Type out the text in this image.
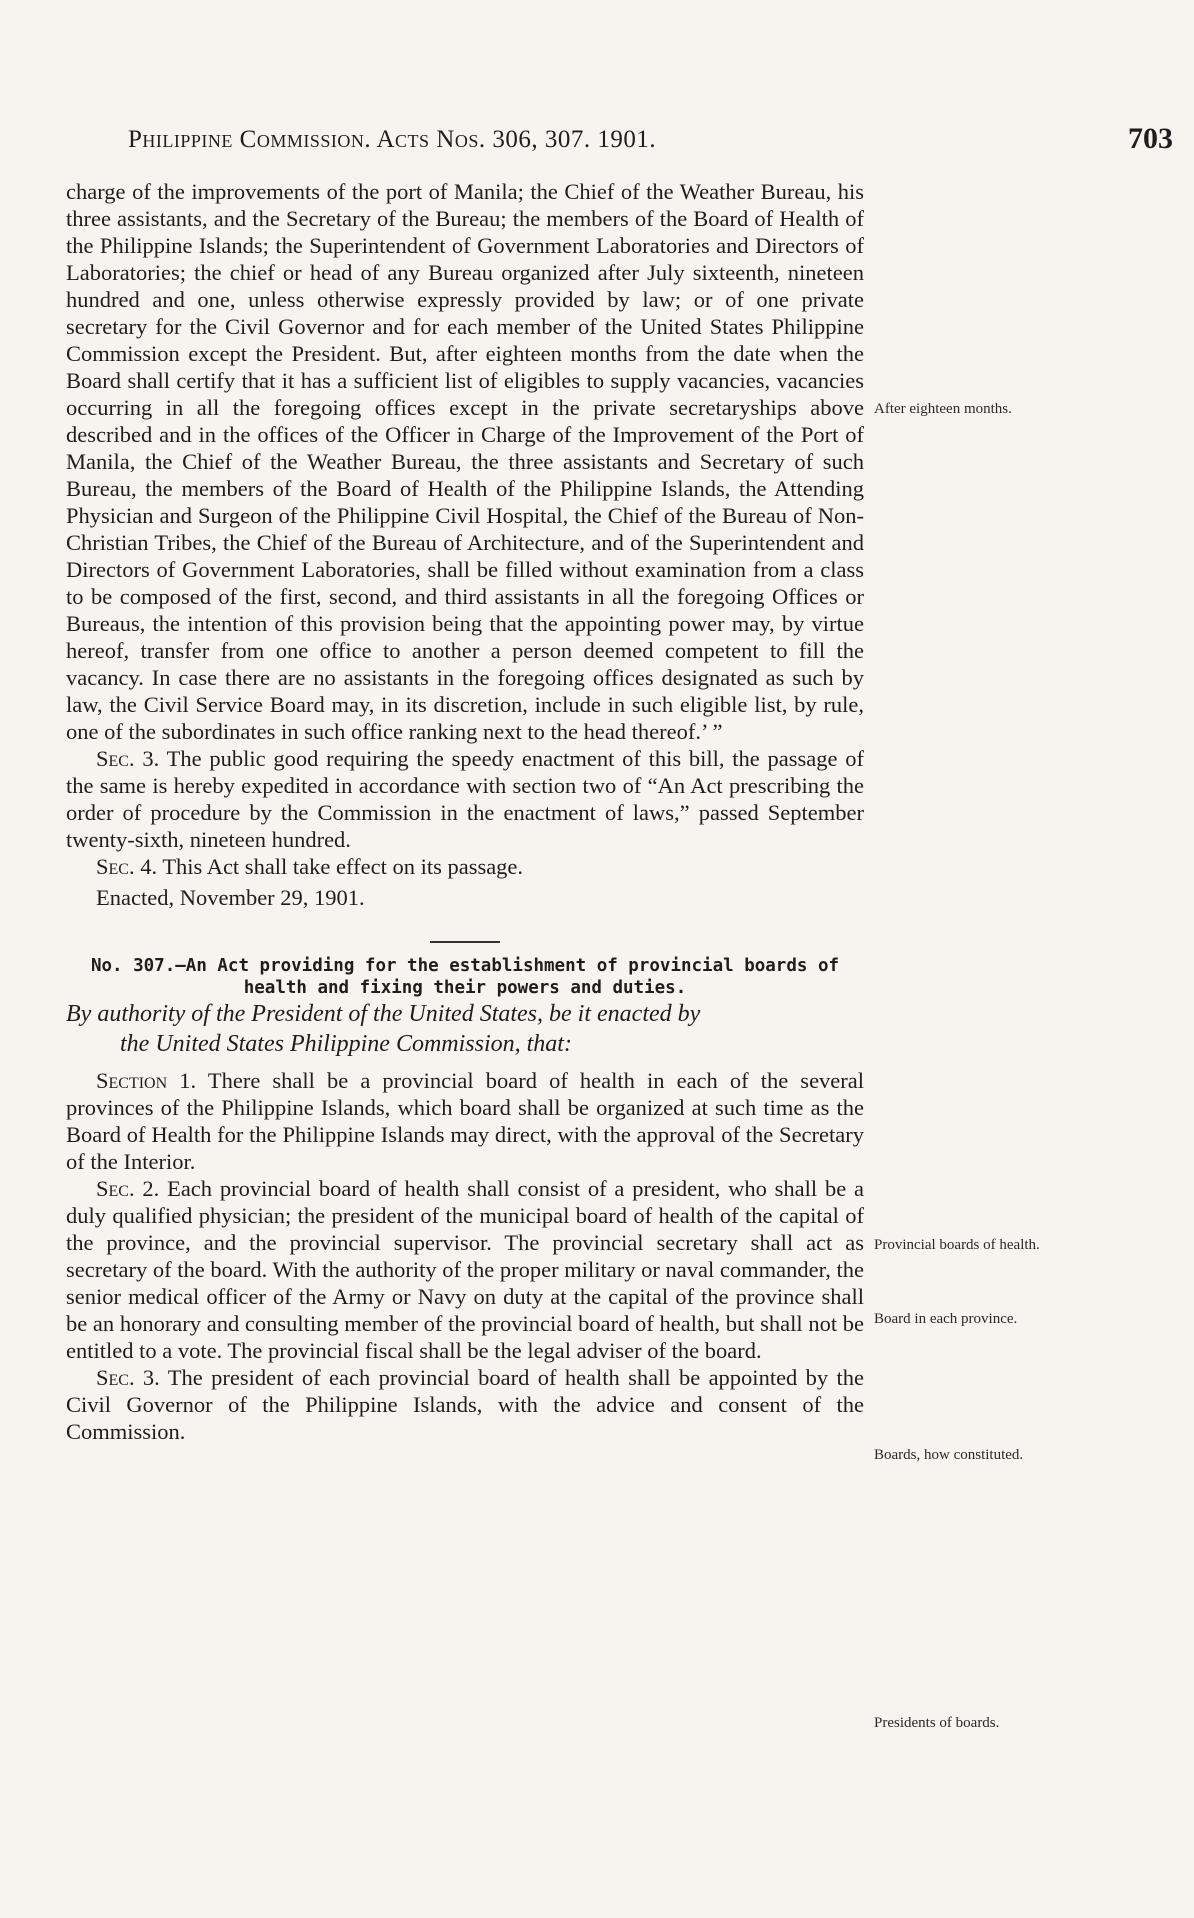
Philippine Commission. Acts Nos. 306, 307. 1901.	703

charge of the improvements of the port of Manila; the Chief of the Weather Bureau, his three assistants, and the Secretary of the Bureau; the members of the Board of Health of the Philippine Islands; the Superintendent of Government Laboratories and Directors of Laboratories; the chief or head of any Bureau organized after July sixteenth, nineteen hundred and one, unless otherwise expressly provided by law; or of one private secretary for the Civil Governor and for each member of the United States Philippine Commission except the President. But, after eighteen months from the date when the Board shall certify that it has a sufficient list of eligibles to supply vacancies, vacancies occurring in all the foregoing offices except in the private secretaryships above described and in the offices of the Officer in Charge of the Improvement of the Port of Manila, the Chief of the Weather Bureau, the three assistants and Secretary of such Bureau, the members of the Board of Health of the Philippine Islands, the Attending Physician and Surgeon of the Philippine Civil Hospital, the Chief of the Bureau of Non-Christian Tribes, the Chief of the Bureau of Architecture, and of the Superintendent and Directors of Government Laboratories, shall be filled without examination from a class to be composed of the first, second, and third assistants in all the foregoing Offices or Bureaus, the intention of this provision being that the appointing power may, by virtue hereof, transfer from one office to another a person deemed competent to fill the vacancy. In case there are no assistants in the foregoing offices designated as such by law, the Civil Service Board may, in its discretion, include in such eligible list, by rule, one of the subordinates in such office ranking next to the head thereof.’ ”

Sec. 3. The public good requiring the speedy enactment of this bill, the passage of the same is hereby expedited in accordance with section two of “An Act prescribing the order of procedure by the Commission in the enactment of laws,” passed September twenty-sixth, nineteen hundred.

Sec. 4. This Act shall take effect on its passage.

Enacted, November 29, 1901.

No. 307.—An Act providing for the establishment of provincial boards of health and fixing their powers and duties.

By authority of the President of the United States, be it enacted by
the United States Philippine Commission, that:

Section 1. There shall be a provincial board of health in each of the several provinces of the Philippine Islands, which board shall be organized at such time as the Board of Health for the Philippine Islands may direct, with the approval of the Secretary of the Interior.

Sec. 2. Each provincial board of health shall consist of a president, who shall be a duly qualified physician; the president of the municipal board of health of the capital of the province, and the provincial supervisor. The provincial secretary shall act as secretary of the board. With the authority of the proper military or naval commander, the senior medical officer of the Army or Navy on duty at the capital of the province shall be an honorary and consulting member of the provincial board of health, but shall not be entitled to a vote. The provincial fiscal shall be the legal adviser of the board.

Sec. 3. The president of each provincial board of health shall be appointed by the Civil Governor of the Philippine Islands, with the advice and consent of the Commission.

After eighteen months.
Provincial boards of health.
Board in each province.
Boards, how constituted.
Presidents of boards.
